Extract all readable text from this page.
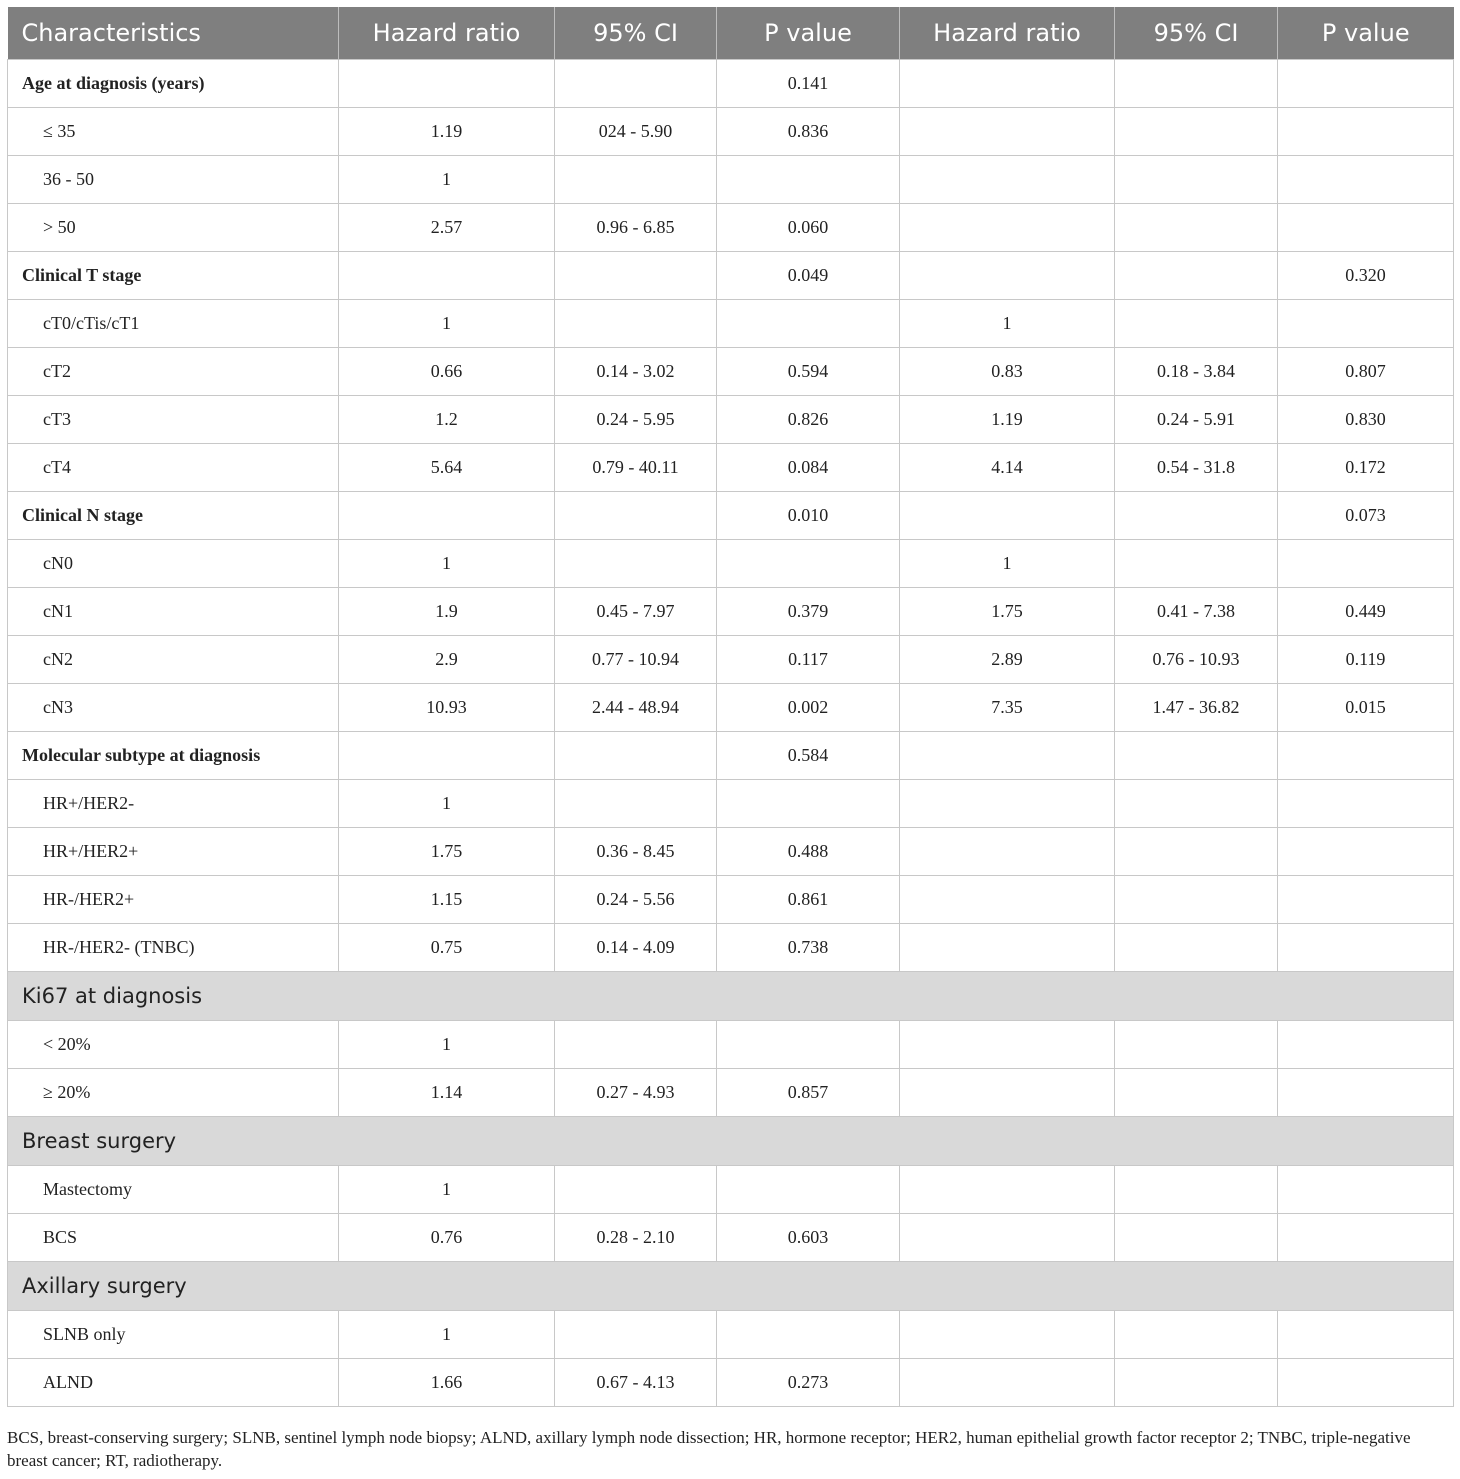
Characteristics	Hazard ratio	95% CI	P value	Hazard ratio	95% CI	P value
Age at diagnosis (years)			0.141			
≤ 35	1.19	024 - 5.90	0.836			
36 - 50	1					
> 50	2.57	0.96 - 6.85	0.060			
Clinical T stage			0.049			0.320
cT0/cTis/cT1	1			1		
cT2	0.66	0.14 - 3.02	0.594	0.83	0.18 - 3.84	0.807
cT3	1.2	0.24 - 5.95	0.826	1.19	0.24 - 5.91	0.830
cT4	5.64	0.79 - 40.11	0.084	4.14	0.54 - 31.8	0.172
Clinical N stage			0.010			0.073
cN0	1			1		
cN1	1.9	0.45 - 7.97	0.379	1.75	0.41 - 7.38	0.449
cN2	2.9	0.77 - 10.94	0.117	2.89	0.76 - 10.93	0.119
cN3	10.93	2.44 - 48.94	0.002	7.35	1.47 - 36.82	0.015
Molecular subtype at diagnosis			0.584			
HR+/HER2-	1					
HR+/HER2+	1.75	0.36 - 8.45	0.488			
HR-/HER2+	1.15	0.24 - 5.56	0.861			
HR-/HER2- (TNBC)	0.75	0.14 - 4.09	0.738			
Ki67 at diagnosis						
< 20%	1					
≥ 20%	1.14	0.27 - 4.93	0.857			
Breast surgery						
Mastectomy	1					
BCS	0.76	0.28 - 2.10	0.603			
Axillary surgery						
SLNB only	1					
ALND	1.66	0.67 - 4.13	0.273			

BCS, breast-conserving surgery; SLNB, sentinel lymph node biopsy; ALND, axillary lymph node dissection; HR, hormone receptor; HER2, human epithelial growth factor receptor 2; TNBC, triple-negative breast cancer; RT, radiotherapy.
